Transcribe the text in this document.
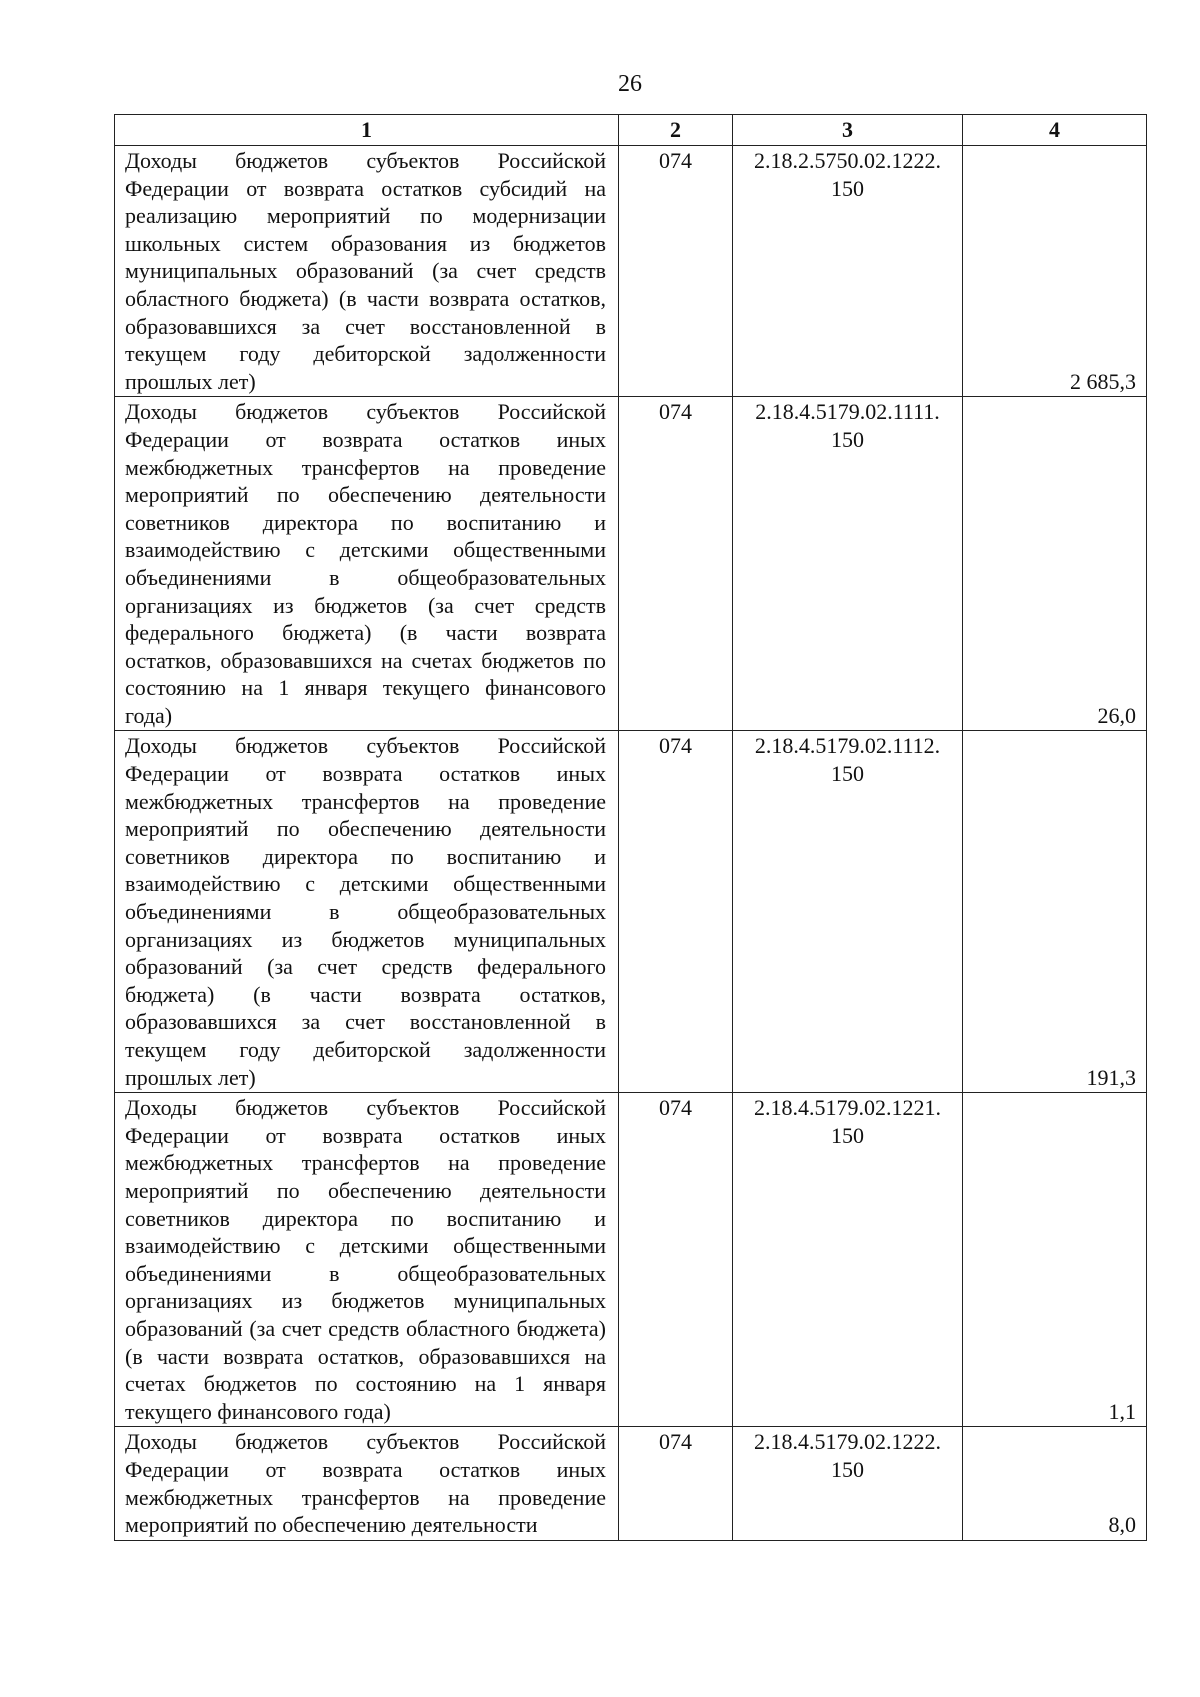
26
1	2	3	4
Доходы бюджетов субъектов Российской Федерации от возврата остатков субсидий на реализацию мероприятий по модернизации школьных систем образования из бюджетов муниципальных образований (за счет средств областного бюджета) (в части возврата остатков, образовавшихся за счет восстановленной в текущем году дебиторской задолженности прошлых лет)	074	2.18.2.5750.02.1222.
150	2 685,3
Доходы бюджетов субъектов Российской Федерации от возврата остатков иных межбюджетных трансфертов на проведение мероприятий по обеспечению деятельности советников директора по воспитанию и взаимодействию с детскими общественными объединениями в общеобразовательных организациях из бюджетов (за счет средств федерального бюджета) (в части возврата остатков, образовавшихся на счетах бюджетов по состоянию на 1 января текущего финансового года)	074	2.18.4.5179.02.1111.
150	26,0
Доходы бюджетов субъектов Российской Федерации от возврата остатков иных межбюджетных трансфертов на проведение мероприятий по обеспечению деятельности советников директора по воспитанию и взаимодействию с детскими общественными объединениями в общеобразовательных организациях из бюджетов муниципальных образований (за счет средств федерального бюджета) (в части возврата остатков, образовавшихся за счет восстановленной в текущем году дебиторской задолженности прошлых лет)	074	2.18.4.5179.02.1112.
150	191,3
Доходы бюджетов субъектов Российской Федерации от возврата остатков иных межбюджетных трансфертов на проведение мероприятий по обеспечению деятельности советников директора по воспитанию и взаимодействию с детскими общественными объединениями в общеобразовательных организациях из бюджетов муниципальных образований (за счет средств областного бюджета) (в части возврата остатков, образовавшихся на счетах бюджетов по состоянию на 1 января текущего финансового года)	074	2.18.4.5179.02.1221.
150	1,1
Доходы бюджетов субъектов Российской Федерации от возврата остатков иных межбюджетных трансфертов на проведение мероприятий по обеспечению деятельности	074	2.18.4.5179.02.1222.
150	8,0
